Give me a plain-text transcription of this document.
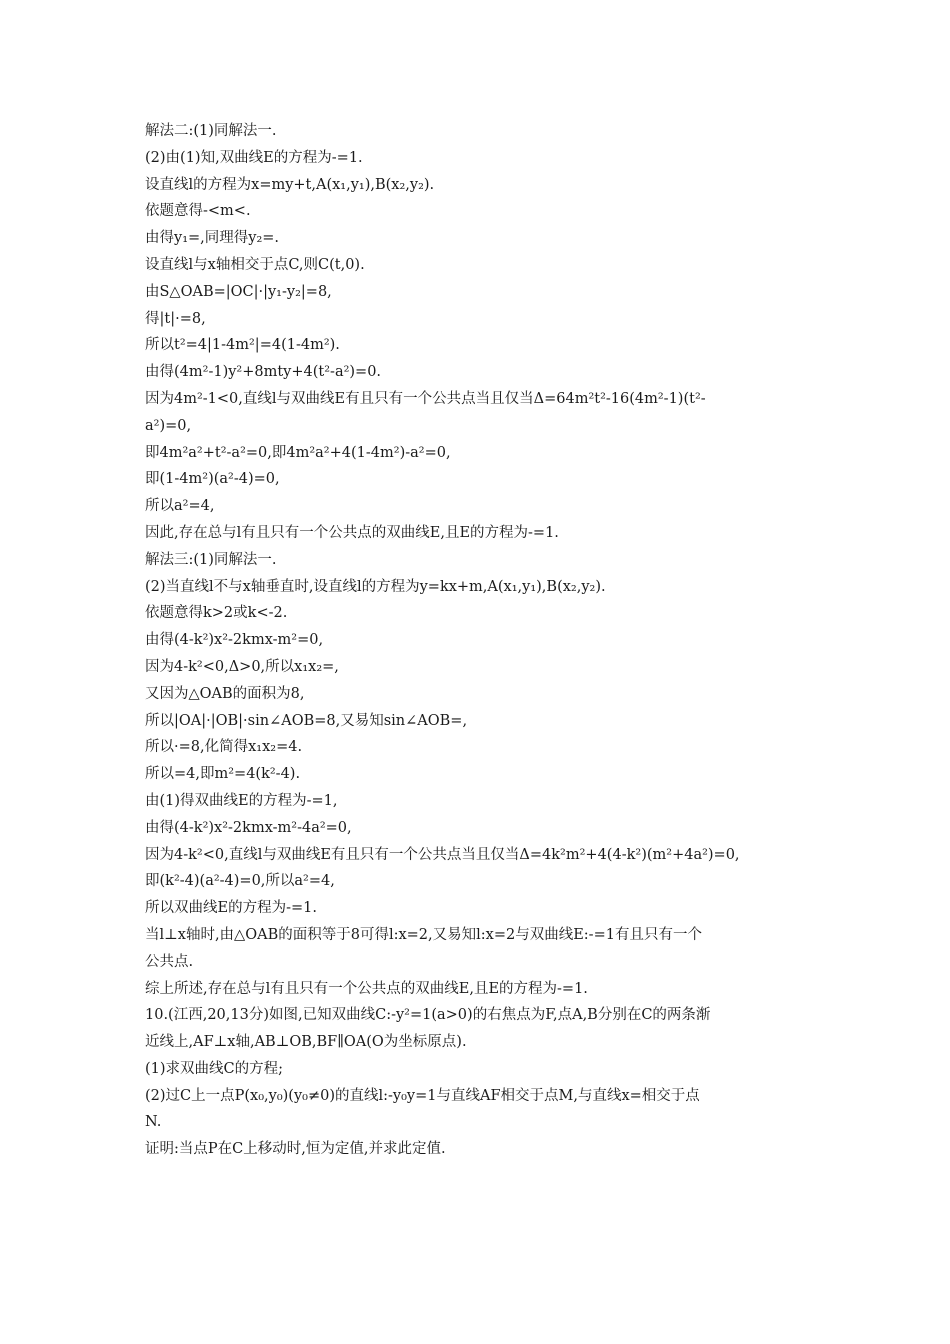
解法二:(1)同解法一.
(2)由(1)知,双曲线E的方程为-=1.
设直线l的方程为x=my+t,A(x₁,y₁),B(x₂,y₂).
依题意得-<m<.
由得y₁=,同理得y₂=.
设直线l与x轴相交于点C,则C(t,0).
由S△OAB=|OC|·|y₁-y₂|=8,
得|t|·=8,
所以t²=4|1-4m²|=4(1-4m²).
由得(4m²-1)y²+8mty+4(t²-a²)=0.
因为4m²-1<0,直线l与双曲线E有且只有一个公共点当且仅当Δ=64m²t²-16(4m²-1)(t²-
a²)=0,
即4m²a²+t²-a²=0,即4m²a²+4(1-4m²)-a²=0,
即(1-4m²)(a²-4)=0,
所以a²=4,
因此,存在总与l有且只有一个公共点的双曲线E,且E的方程为-=1.
解法三:(1)同解法一.
(2)当直线l不与x轴垂直时,设直线l的方程为y=kx+m,A(x₁,y₁),B(x₂,y₂).
依题意得k>2或k<-2.
由得(4-k²)x²-2kmx-m²=0,
因为4-k²<0,Δ>0,所以x₁x₂=,
又因为△OAB的面积为8,
所以|OA|·|OB|·sin∠AOB=8,又易知sin∠AOB=,
所以·=8,化简得x₁x₂=4.
所以=4,即m²=4(k²-4).
由(1)得双曲线E的方程为-=1,
由得(4-k²)x²-2kmx-m²-4a²=0,
因为4-k²<0,直线l与双曲线E有且只有一个公共点当且仅当Δ=4k²m²+4(4-k²)(m²+4a²)=0,
即(k²-4)(a²-4)=0,所以a²=4,
所以双曲线E的方程为-=1.
当l⊥x轴时,由△OAB的面积等于8可得l:x=2,又易知l:x=2与双曲线E:-=1有且只有一个
公共点.
综上所述,存在总与l有且只有一个公共点的双曲线E,且E的方程为-=1.
10.(江西,20,13分)如图,已知双曲线C:-y²=1(a>0)的右焦点为F,点A,B分别在C的两条渐
近线上,AF⊥x轴,AB⊥OB,BF∥OA(O为坐标原点).
(1)求双曲线C的方程;
(2)过C上一点P(x₀,y₀)(y₀≠0)的直线l:-y₀y=1与直线AF相交于点M,与直线x=相交于点
N.
证明:当点P在C上移动时,恒为定值,并求此定值.
